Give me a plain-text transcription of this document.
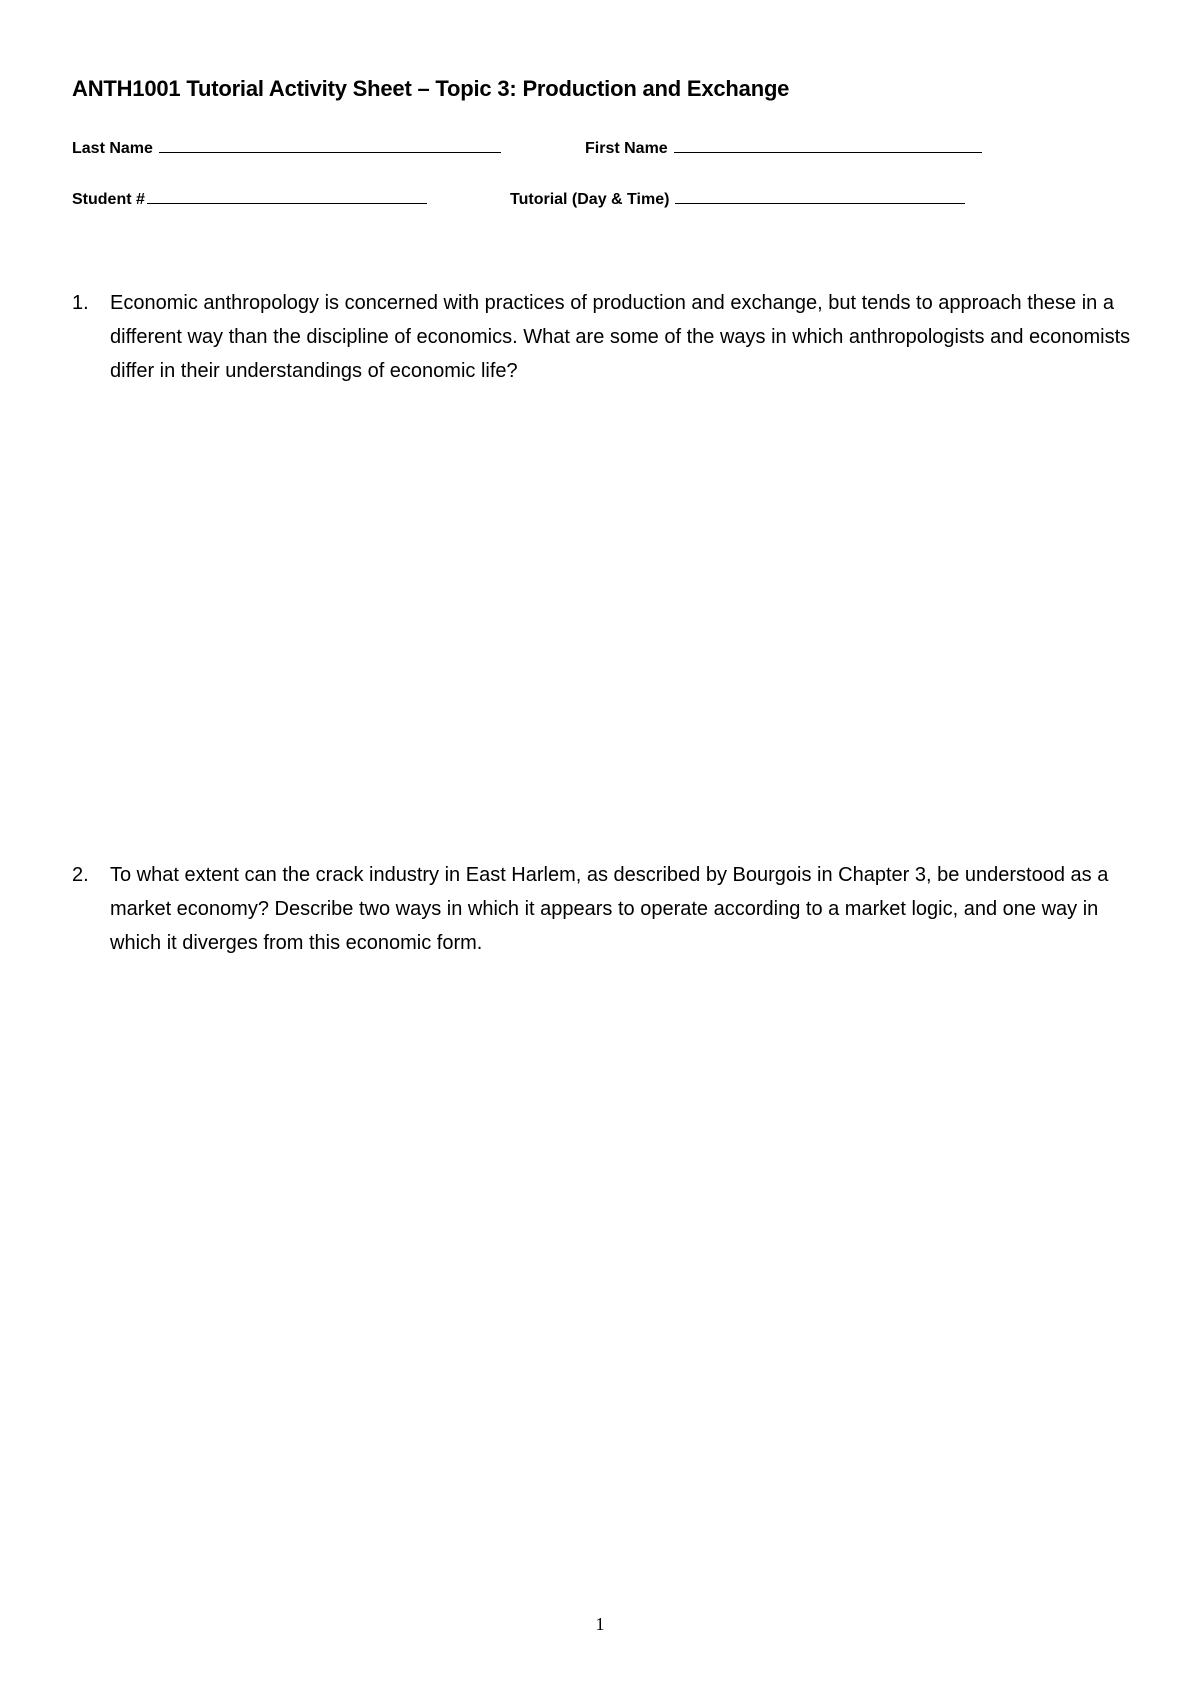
ANTH1001 Tutorial Activity Sheet – Topic 3: Production and Exchange
Last Name	First Name
Student #	Tutorial (Day & Time)
1.	Economic anthropology is concerned with practices of production and exchange, but tends to approach these in a different way than the discipline of economics. What are some of the ways in which anthropologists and economists differ in their understandings of economic life?
2.	To what extent can the crack industry in East Harlem, as described by Bourgois in Chapter 3, be understood as a market economy? Describe two ways in which it appears to operate according to a market logic, and one way in which it diverges from this economic form.
1
